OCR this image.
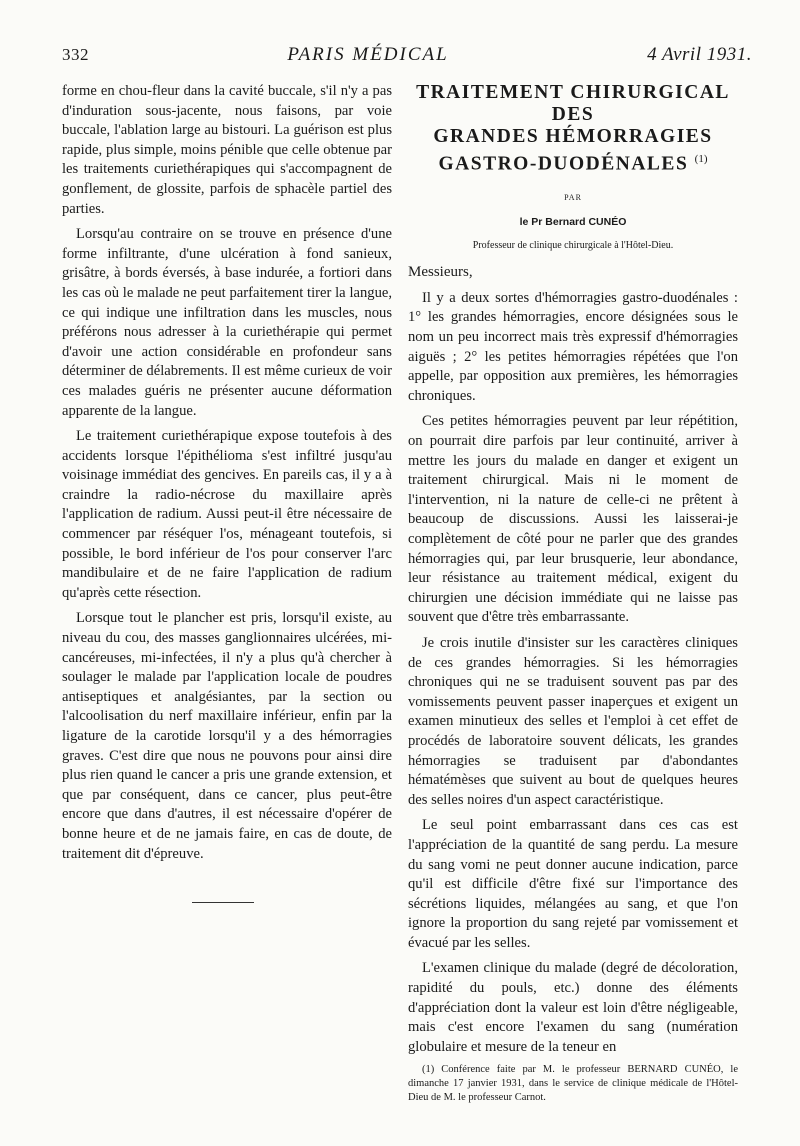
332	PARIS MÉDICAL	4 Avril 1931.

forme en chou-fleur dans la cavité buccale, s'il n'y a pas d'induration sous-jacente, nous faisons, par voie buccale, l'ablation large au bistouri. La guérison est plus rapide, plus simple, moins pénible que celle obtenue par les traitements curiethérapiques qui s'accompagnent de gonflement, de glossite, parfois de sphacèle partiel des parties.

Lorsqu'au contraire on se trouve en présence d'une forme infiltrante, d'une ulcération à fond sanieux, grisâtre, à bords éversés, à base indurée, a fortiori dans les cas où le malade ne peut parfaitement tirer la langue, ce qui indique une infiltration dans les muscles, nous préférons nous adresser à la curiethérapie qui permet d'avoir une action considérable en profondeur sans déterminer de délabrements. Il est même curieux de voir ces malades guéris ne présenter aucune déformation apparente de la langue.

Le traitement curiethérapique expose toutefois à des accidents lorsque l'épithélioma s'est infiltré jusqu'au voisinage immédiat des gencives. En pareils cas, il y a à craindre la radio-nécrose du maxillaire après l'application de radium. Aussi peut-il être nécessaire de commencer par réséquer l'os, ménageant toutefois, si possible, le bord inférieur de l'os pour conserver l'arc mandibulaire et de ne faire l'application de radium qu'après cette résection.

Lorsque tout le plancher est pris, lorsqu'il existe, au niveau du cou, des masses ganglionnaires ulcérées, mi-cancéreuses, mi-infectées, il n'y a plus qu'à chercher à soulager le malade par l'application locale de poudres antiseptiques et analgésiantes, par la section ou l'alcoolisation du nerf maxillaire inférieur, enfin par la ligature de la carotide lorsqu'il y a des hémorragies graves. C'est dire que nous ne pouvons pour ainsi dire plus rien quand le cancer a pris une grande extension, et que par conséquent, dans ce cancer, plus peut-être encore que dans d'autres, il est nécessaire d'opérer de bonne heure et de ne jamais faire, en cas de doute, de traitement dit d'épreuve.

TRAITEMENT CHIRURGICAL
DES
GRANDES HÉMORRAGIES
GASTRO-DUODÉNALES $^{(1)}$
PAR
le Pr Bernard CUNÉO
Professeur de clinique chirurgicale à l'Hôtel-Dieu.

Messieurs,

Il y a deux sortes d'hémorragies gastro-duodénales : 1° les grandes hémorragies, encore désignées sous le nom un peu incorrect mais très expressif d'hémorragies aiguës ; 2° les petites hémorragies répétées que l'on appelle, par opposition aux premières, les hémorragies chroniques.

Ces petites hémorragies peuvent par leur répétition, on pourrait dire parfois par leur continuité, arriver à mettre les jours du malade en danger et exigent un traitement chirurgical. Mais ni le moment de l'intervention, ni la nature de celle-ci ne prêtent à beaucoup de discussions. Aussi les laisserai-je complètement de côté pour ne parler que des grandes hémorragies qui, par leur brusquerie, leur abondance, leur résistance au traitement médical, exigent du chirurgien une décision immédiate qui ne laisse pas souvent que d'être très embarrassante.

Je crois inutile d'insister sur les caractères cliniques de ces grandes hémorragies. Si les hémorragies chroniques qui ne se traduisent souvent pas par des vomissements peuvent passer inaperçues et exigent un examen minutieux des selles et l'emploi à cet effet de procédés de laboratoire souvent délicats, les grandes hémorragies se traduisent par d'abondantes hématémèses que suivent au bout de quelques heures des selles noires d'un aspect caractéristique.

Le seul point embarrassant dans ces cas est l'appréciation de la quantité de sang perdu. La mesure du sang vomi ne peut donner aucune indication, parce qu'il est difficile d'être fixé sur l'importance des sécrétions liquides, mélangées au sang, et que l'on ignore la proportion du sang rejeté par vomissement et évacué par les selles.

L'examen clinique du malade (degré de décoloration, rapidité du pouls, etc.) donne des éléments d'appréciation dont la valeur est loin d'être négligeable, mais c'est encore l'examen du sang (numération globulaire et mesure de la teneur en

(1) Conférence faite par M. le professeur BERNARD CUNÉO, le dimanche 17 janvier 1931, dans le service de clinique médicale de l'Hôtel-Dieu de M. le professeur Carnot.
